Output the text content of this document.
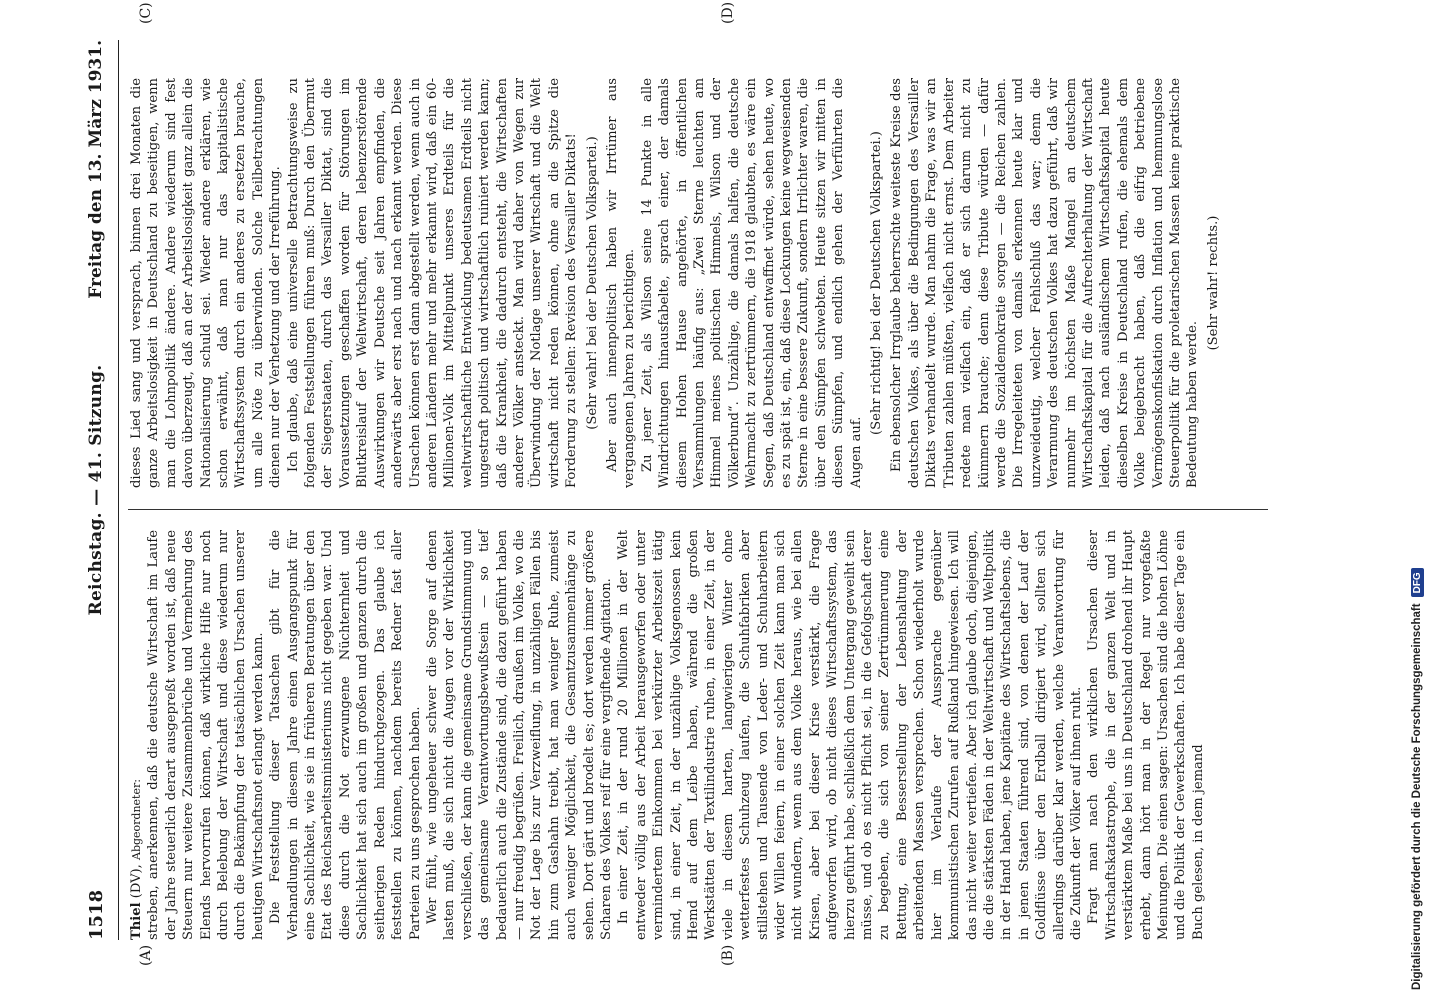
1518
Reichstag. — 41. Sitzung.
Freitag den 13. März 1931.
(A)	(B)
(C)	(D)

Thiel (DV), Abgeordneter: streben, anerkennen, daß die deutsche Wirtschaft im Laufe der Jahre steuerlich derart ausgepreßt worden ist, daß neue Steuern nur weitere Zusammenbrüche und Vermehrung des Elends hervorrufen können, daß wirkliche Hilfe nur noch durch Belebung der Wirtschaft und diese wiederum nur durch die Bekämpfung der tatsächlichen Ursachen unserer heutigen Wirtschaftsnot erlangt werden kann. Die Feststellung dieser Tatsachen gibt für die Verhandlungen in diesem Jahre einen Ausgangspunkt für eine Sachlichkeit, wie sie in früheren Beratungen über den Etat des Reichsarbeitsministeriums nicht gegeben war. Und diese durch die Not erzwungene Nüchternheit und Sachlichkeit hat sich auch im großen und ganzen durch die seitherigen Reden hindurchgezogen. Das glaube ich feststellen zu können, nachdem bereits Redner fast aller Parteien zu uns gesprochen haben. Wer fühlt, wie ungeheuer schwer die Sorge auf denen lasten muß, die sich nicht die Augen vor der Wirklichkeit verschließen, der kann die gemeinsame Grundstimmung und das gemeinsame Verantwortungsbewußtsein — so tief bedauerlich auch die Zustände sind, die dazu geführt haben — nur freudig begrüßen. Freilich, draußen im Volke, wo die Not der Lage bis zur Verzweiflung, in unzähligen Fällen bis hin zum Gashahn treibt, hat man weniger Ruhe, zumeist auch weniger Möglichkeit, die Gesamtzusammenhänge zu sehen. Dort gärt und brodelt es; dort werden immer größere Scharen des Volkes reif für eine vergiftende Agitation. In einer Zeit, in der rund 20 Millionen in der Welt entweder völlig aus der Arbeit herausgeworfen oder unter vermindertem Einkommen bei verkürzter Arbeitszeit tätig sind, in einer Zeit, in der unzählige Volksgenossen kein Hemd auf dem Leibe haben, während die großen Werkstätten der Textilindustrie ruhen, in einer Zeit, in der viele in diesem harten, langwierigen Winter ohne wetterfestes Schuhzeug laufen, die Schuhfabriken aber stillstehen und Tausende von Leder- und Schuharbeitern wider Willen feiern, in einer solchen Zeit kann man sich nicht wundern, wenn aus dem Volke heraus, wie bei allen Krisen, aber bei dieser Krise verstärkt, die Frage aufgeworfen wird, ob nicht dieses Wirtschaftssystem, das hierzu geführt habe, schließlich dem Untergang geweiht sein müsse, und ob es nicht Pflicht sei, in die Gefolgschaft derer zu begeben, die sich von seiner Zertrümmerung eine Rettung, eine Besserstellung der Lebenshaltung der arbeitenden Massen versprechen. Schon wiederholt wurde hier im Verlaufe der Aussprache gegenüber kommunistischen Zurufen auf Rußland hingewiesen. Ich will das nicht weiter vertiefen. Aber ich glaube doch, diejenigen, die die stärksten Fäden in der Weltwirtschaft und Weltpolitik in der Hand haben, jene Kapitäne des Wirtschaftslebens, die in jenen Staaten führend sind, von denen der Lauf der Goldflüsse über den Erdball dirigiert wird, sollten sich allerdings darüber klar werden, welche Verantwortung für die Zukunft der Völker auf ihnen ruht. Fragt man nach den wirklichen Ursachen dieser Wirtschaftskatastrophe, die in der ganzen Welt und in verstärktem Maße bei uns in Deutschland drohend ihr Haupt erhebt, dann hört man in der Regel nur vorgefaßte Meinungen. Die einen sagen: Ursachen sind die hohen Löhne und die Politik der Gewerkschaften. Ich habe dieser Tage ein Buch gelesen, in dem jemand

dieses Lied sang und versprach, binnen drei Monaten die ganze Arbeitslosigkeit in Deutschland zu beseitigen, wenn man die Lohnpolitik ändere. Andere wiederum sind fest davon überzeugt, daß an der Arbeitslosigkeit ganz allein die Nationalisierung schuld sei. Wieder andere erklären, wie schon erwähnt, daß man nur das kapitalistische Wirtschaftssystem durch ein anderes zu ersetzen brauche, um alle Nöte zu überwinden. Solche Teilbetrachtungen dienen nur der Verhetzung und der Irreführung. Ich glaube, daß eine universelle Betrachtungsweise zu folgenden Feststellungen führen muß: Durch den Übermut der Siegerstaaten, durch das Versailler Diktat, sind die Voraussetzungen geschaffen worden für Störungen im Blutkreislauf der Weltwirtschaft, deren lebenzerstörende Auswirkungen wir Deutsche seit Jahren empfinden, die anderwärts aber erst nach und nach erkannt werden. Diese Ursachen können erst dann abgestellt werden, wenn auch in anderen Ländern mehr und mehr erkannt wird, daß ein 60-Millionen-Volk im Mittelpunkt unseres Erdteils für die weltwirtschaftliche Entwicklung bedeutsamen Erdteils nicht ungestraft politisch und wirtschaftlich ruiniert werden kann; daß die Krankheit, die dadurch entsteht, die Wirtschaften anderer Völker ansteckt. Man wird daher von Wegen zur Überwindung der Notlage unserer Wirtschaft und die Welt wirtschaft nicht reden können, ohne an die Spitze die Forderung zu stellen: Revision des Versailler Diktats! (Sehr wahr! bei der Deutschen Volkspartei.) Aber auch innenpolitisch haben wir Irrtümer aus vergangenen Jahren zu berichtigen. Zu jener Zeit, als Wilson seine 14 Punkte in alle Windrichtungen hinausfabelte, sprach einer, der damals diesem Hohen Hause angehörte, in öffentlichen Versammlungen häufig aus: „Zwei Sterne leuchten am Himmel meines politischen Himmels, Wilson und der Völkerbund“. Unzählige, die damals halfen, die deutsche Wehrmacht zu zertrümmern, die 1918 glaubten, es wäre ein Segen, daß Deutschland entwaffnet würde, sehen heute, wo es zu spät ist, ein, daß diese Lockungen keine wegweisenden Sterne in eine bessere Zukunft, sondern Irrlichter waren, die über den Sümpfen schwebten. Heute sitzen wir mitten in diesen Sümpfen, und endlich gehen der Verführten die Augen auf.

(Sehr richtig! bei der Deutschen Volkspartei.) Ein ebensolcher Irrglaube beherrschte weiteste Kreise des deutschen Volkes, als über die Bedingungen des Versailler Diktats verhandelt wurde. Man nahm die Frage, was wir an Tributen zahlen müßten, vielfach nicht ernst. Dem Arbeiter redete man vielfach ein, daß er sich darum nicht zu kümmern brauche; denn diese Tribute würden — dafür werde die Sozialdemokratie sorgen — die Reichen zahlen. Die Irregeleiteten von damals erkennen heute klar und unzweideutig, welcher Fehlschluß das war; denn die Verarmung des deutschen Volkes hat dazu geführt, daß wir nunmehr im höchsten Maße Mangel an deutschem Wirtschaftskapital für die Aufrechterhaltung der Wirtschaft leiden, daß nach ausländischem Wirtschaftskapital heute dieselben Kreise in Deutschland rufen, die ehemals dem Volke beigebracht haben, daß die eifrig betriebene Vermögenskonfiskation durch Inflation und hemmungslose Steuerpolitik für die proletarischen Massen keine praktische Bedeutung haben werde.

(Sehr wahr! rechts.)

Digitalisierung gefördert durch die Deutsche Forschungsgemeinschaft
DFG
